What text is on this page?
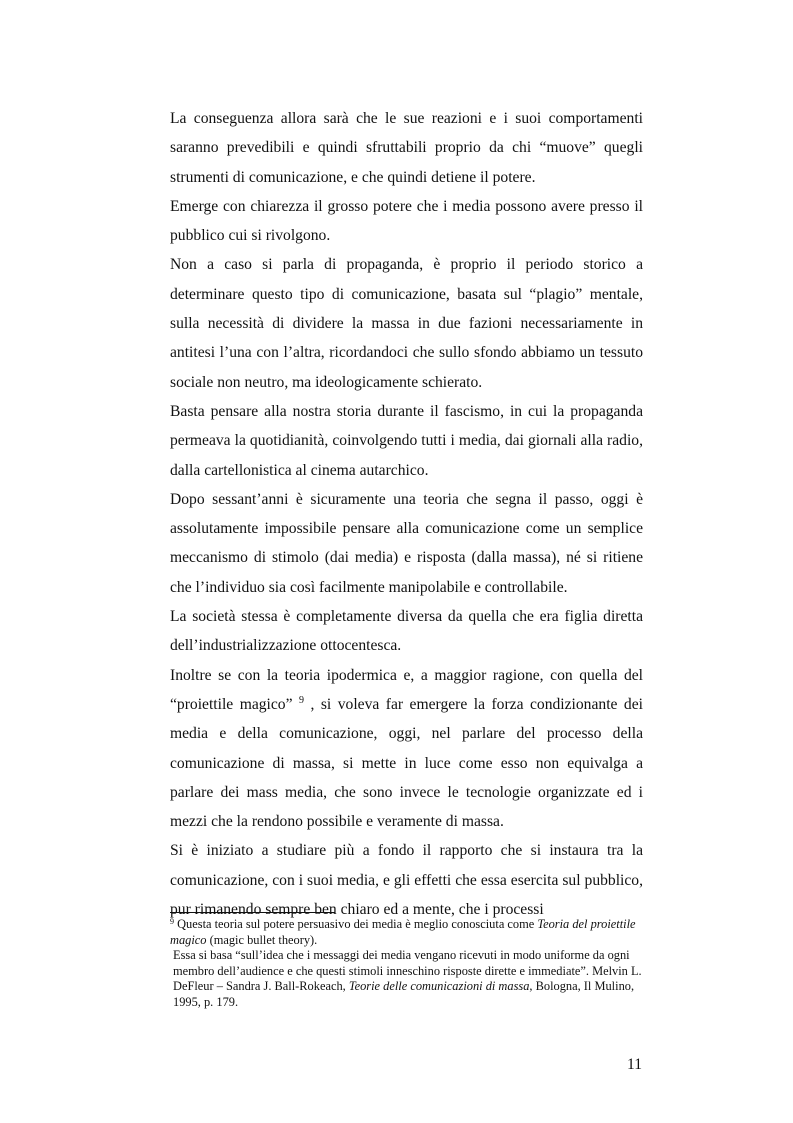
La conseguenza allora sarà che le sue reazioni e i suoi comportamenti saranno prevedibili e quindi sfruttabili proprio da chi “muove” quegli strumenti di comunicazione, e che quindi detiene il potere.

Emerge con chiarezza il grosso potere che i media possono avere presso il pubblico cui si rivolgono.

Non a caso si parla di propaganda, è proprio il periodo storico a determinare questo tipo di comunicazione, basata sul “plagio” mentale, sulla necessità di dividere la massa in due fazioni necessariamente in antitesi l’una con l’altra, ricordandoci che sullo sfondo abbiamo un tessuto sociale non neutro, ma ideologicamente schierato.

Basta pensare alla nostra storia durante il fascismo, in cui la propaganda permeava la quotidianità, coinvolgendo tutti i media, dai giornali alla radio, dalla cartellonistica al cinema autarchico.

Dopo sessant’anni è sicuramente una teoria che segna il passo, oggi è assolutamente impossibile pensare alla comunicazione come un semplice meccanismo di stimolo (dai media) e risposta (dalla massa), né si ritiene che l’individuo sia così facilmente manipolabile e controllabile.

La società stessa è completamente diversa da quella che era figlia diretta dell’industrializzazione ottocentesca.

Inoltre se con la teoria ipodermica e, a maggior ragione, con quella del “proiettile magico” $^9$ , si voleva far emergere la forza condizionante dei media e della comunicazione, oggi, nel parlare del processo della comunicazione di massa, si mette in luce come esso non equivalga a parlare dei mass media, che sono invece le tecnologie organizzate ed i mezzi che la rendono possibile e veramente di massa.

Si è iniziato a studiare più a fondo il rapporto che si instaura tra la comunicazione, con i suoi media, e gli effetti che essa esercita sul pubblico, pur rimanendo sempre ben chiaro ed a mente, che i processi

$^9$ Questa teoria sul potere persuasivo dei media è meglio conosciuta come Teoria del proiettile magico (magic bullet theory).

Essa si basa “sull’idea che i messaggi dei media vengano ricevuti in modo uniforme da ogni membro dell’audience e che questi stimoli inneschino risposte dirette e immediate”. Melvin L. DeFleur – Sandra J. Ball-Rokeach, Teorie delle comunicazioni di massa, Bologna, Il Mulino, 1995, p. 179.

11
